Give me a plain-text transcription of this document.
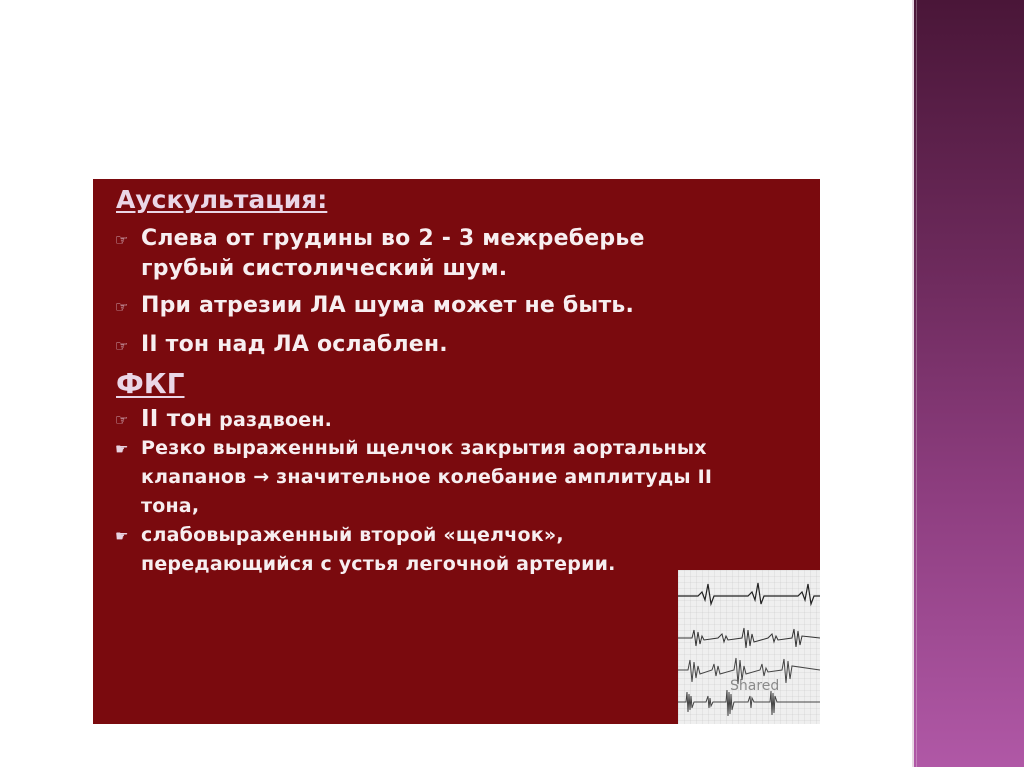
Аускультация:
☞ Слева от грудины во 2 - 3 межреберье
грубый систолический шум.
☞ При атрезии ЛА шума может не быть.
☞ II тон над ЛА ослаблен.
ФКГ
☞ II тон раздвоен.
☛ Резко выраженный щелчок закрытия аортальных
клапанов → значительное колебание амплитуды II
тона,
☛ слабовыраженный второй «щелчок»,
передающийся с устья легочной артерии.
Shared
